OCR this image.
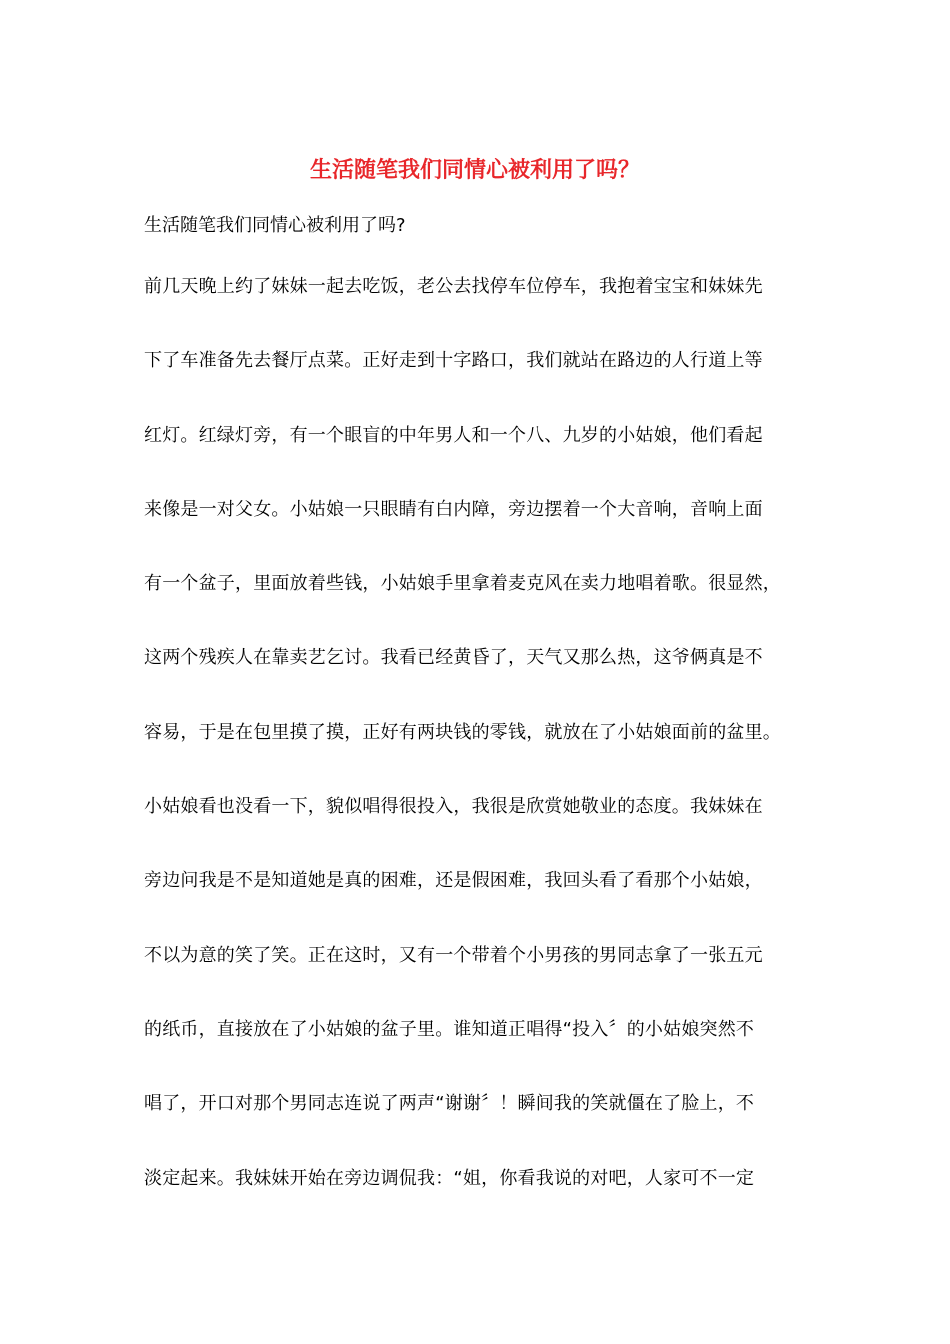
生活随笔我们同情心被利用了吗？

生活随笔我们同情心被利用了吗?

前几天晚上约了妹妹一起去吃饭，老公去找停车位停车，我抱着宝宝和妹妹先
下了车准备先去餐厅点菜。正好走到十字路口，我们就站在路边的人行道上等
红灯。红绿灯旁，有一个眼盲的中年男人和一个八、九岁的小姑娘，他们看起
来像是一对父女。小姑娘一只眼睛有白内障，旁边摆着一个大音响，音响上面
有一个盆子，里面放着些钱，小姑娘手里拿着麦克风在卖力地唱着歌。很显然，
这两个残疾人在靠卖艺乞讨。我看已经黄昏了，天气又那么热，这爷俩真是不
容易，于是在包里摸了摸，正好有两块钱的零钱，就放在了小姑娘面前的盆里。
小姑娘看也没看一下，貌似唱得很投入，我很是欣赏她敬业的态度。我妹妹在
旁边问我是不是知道她是真的困难，还是假困难，我回头看了看那个小姑娘，
不以为意的笑了笑。正在这时，又有一个带着个小男孩的男同志拿了一张五元
的纸币，直接放在了小姑娘的盆子里。谁知道正唱得“投入〞的小姑娘突然不
唱了，开口对那个男同志连说了两声“谢谢〞！瞬间我的笑就僵在了脸上，不
淡定起来。我妹妹开始在旁边调侃我：“姐，你看我说的对吧，人家可不一定
